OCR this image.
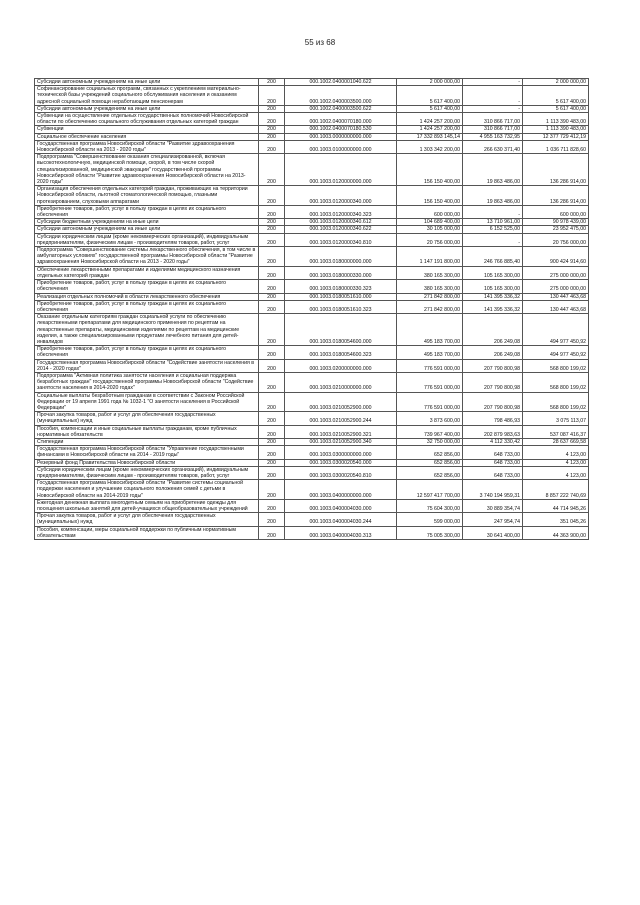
55 из 68
Субсидии автономным учреждениям на иные цели	200	000.1002.0400001040.622	2 000 000,00	-	2 000 000,00
Софинансирование социальных программ, связанных с укреплением материально-технической базы учреждений социального обслуживания населения и оказанием адресной социальной помощи неработающим пенсионерам	200	000.1002.0400003500.000	5 617 400,00	-	5 617 400,00
Субсидии автономным учреждениям на иные цели	200	000.1002.0400003500.622	5 617 400,00	-	5 617 400,00
Субвенции на осуществление отдельных государственных полномочий Новосибирской области по обеспечению социального обслуживания отдельных категорий граждан	200	000.1002.0400070180.000	1 424 257 200,00	310 866 717,00	1 113 390 483,00
Субвенции	200	000.1002.0400070180.530	1 424 257 200,00	310 866 717,00	1 113 390 483,00
Социальное обеспечение населения	200	000.1003.0000000000.000	17 332 893 145,14	4 955 163 732,95	12 377 729 412,19
Государственная программа Новосибирской области "Развитие здравоохранения Новосибирской области на 2013 - 2020 годы"	200	000.1003.0100000000.000	1 303 342 200,00	266 630 371,40	1 036 711 828,60
Подпрограмма "Совершенствование оказания специализированной, включая высокотехнологичную, медицинской помощи, скорой, в том числе скорой специализированной, медицинской эвакуации" государственной программы Новосибирской области "Развитие здравоохранения Новосибирской области на 2013-2020 годы"	200	000.1003.0120000000.000	156 150 400,00	19 863 486,00	136 286 914,00
Организация обеспечения отдельных категорий граждан, проживающих на территории Новосибирской области, льготной стоматологической помощью, глазными протезированием, слуховыми аппаратами	200	000.1003.0120000340.000	156 150 400,00	19 863 486,00	136 286 914,00
Приобретение товаров, работ, услуг в пользу граждан в целях их социального обеспечения	200	000.1003.0120000340.323	600 000,00	-	600 000,00
Субсидии бюджетным учреждениям на иные цели	200	000.1003.0120000340.612	104 689 400,00	13 710 961,00	90 978 439,00
Субсидии автономным учреждениям на иные цели	200	000.1003.0120000340.622	30 105 000,00	6 152 525,00	23 952 475,00
Субсидии юридическим лицам (кроме некоммерческих организаций), индивидуальным предпринимателям, физическим лицам - производителям товаров, работ, услуг	200	000.1003.0120000340.810	20 756 000,00	-	20 756 000,00
Подпрограмма "Совершенствование системы лекарственного обеспечения, в том числе в амбулаторных условиях" государственной программы Новосибирской области "Развитие здравоохранения Новосибирской области на 2013 - 2020 годы"	200	000.1003.0180000000.000	1 147 191 800,00	246 766 885,40	900 424 914,60
Обеспечение лекарственными препаратами и изделиями медицинского назначения отдельных категорий граждан	200	000.1003.0180000330.000	380 165 300,00	105 165 300,00	275 000 000,00
Приобретение товаров, работ, услуг в пользу граждан в целях их социального обеспечения	200	000.1003.0180000330.323	380 165 300,00	105 165 300,00	275 000 000,00
Реализация отдельных полномочий в области лекарственного обеспечения	200	000.1003.0180051610.000	271 842 800,00	141 395 336,32	130 447 463,68
Приобретение товаров, работ, услуг в пользу граждан в целях их социального обеспечения	200	000.1003.0180051610.323	271 842 800,00	141 395 336,32	130 447 463,68
Оказание отдельным категориям граждан социальной услуги по обеспечению лекарственными препаратами для медицинского применения по рецептам на лекарственные препараты, медицинскими изделиями по рецептам на медицинские изделия, а также специализированными продуктами лечебного питания для детей-инвалидов	200	000.1003.0180054600.000	495 183 700,00	206 249,08	494 977 450,92
Приобретение товаров, работ, услуг в пользу граждан в целях их социального обеспечения	200	000.1003.0180054600.323	495 183 700,00	206 249,08	494 977 450,92
Государственная программа Новосибирской области "Содействие занятости населения в 2014 - 2020 годах"	200	000.1003.0200000000.000	776 591 000,00	207 790 800,98	568 800 199,02
Подпрограмма "Активная политика занятости населения и социальная поддержка безработных граждан" государственной программы Новосибирской области "Содействие занятости населения в 2014-2020 годах"	200	000.1003.0210000000.000	776 591 000,00	207 790 800,98	568 800 199,02
Социальные выплаты безработным гражданам в соответствии с Законом Российской Федерации от 19 апреля 1991 года № 1032-1 "О занятости населения в Российской Федерации"	200	000.1003.0210052900.000	776 591 000,00	207 790 800,98	568 800 199,02
Прочая закупка товаров, работ и услуг для обеспечения государственных (муниципальных) нужд	200	000.1003.0210052900.244	3 873 600,00	798 486,93	3 075 113,07
Пособия, компенсации и иные социальные выплаты гражданам, кроме публичных нормативных обязательств	200	000.1003.0210052900.321	739 967 400,00	202 879 983,63	537 087 416,37
Стипендии	200	000.1003.0210052900.340	32 750 000,00	4 112 330,42	28 637 669,58
Государственная программа Новосибирской области "Управление государственными финансами в Новосибирской области на 2014 - 2019 годы"	200	000.1003.0300000000.000	652 856,00	648 733,00	4 123,00
Резервный фонд Правительства Новосибирской области	200	000.1003.0300020540.000	652 856,00	648 733,00	4 123,00
Субсидии юридическим лицам (кроме некоммерческих организаций), индивидуальным предпринимателям, физическим лицам - производителям товаров, работ, услуг	200	000.1003.0300020540.810	652 856,00	648 733,00	4 123,00
Государственная программа Новосибирской области "Развитие системы социальной поддержки населения и улучшение социального положения семей с детьми в Новосибирской области на 2014-2019 годы"	200	000.1003.0400000000.000	12 597 417 700,00	3 740 194 959,31	8 857 222 740,69
Ежегодная денежная выплата многодетным семьям на приобретение одежды для посещения школьных занятий для детей-учащихся общеобразовательных учреждений	200	000.1003.0400004030.000	75 604 300,00	30 889 354,74	44 714 945,26
Прочая закупка товаров, работ и услуг для обеспечения государственных (муниципальных) нужд	200	000.1003.0400004030.244	599 000,00	247 954,74	351 045,26
Пособия, компенсации, меры социальной поддержки по публичным нормативным обязательствам	200	000.1003.0400004030.313	75 005 300,00	30 641 400,00	44 363 900,00
